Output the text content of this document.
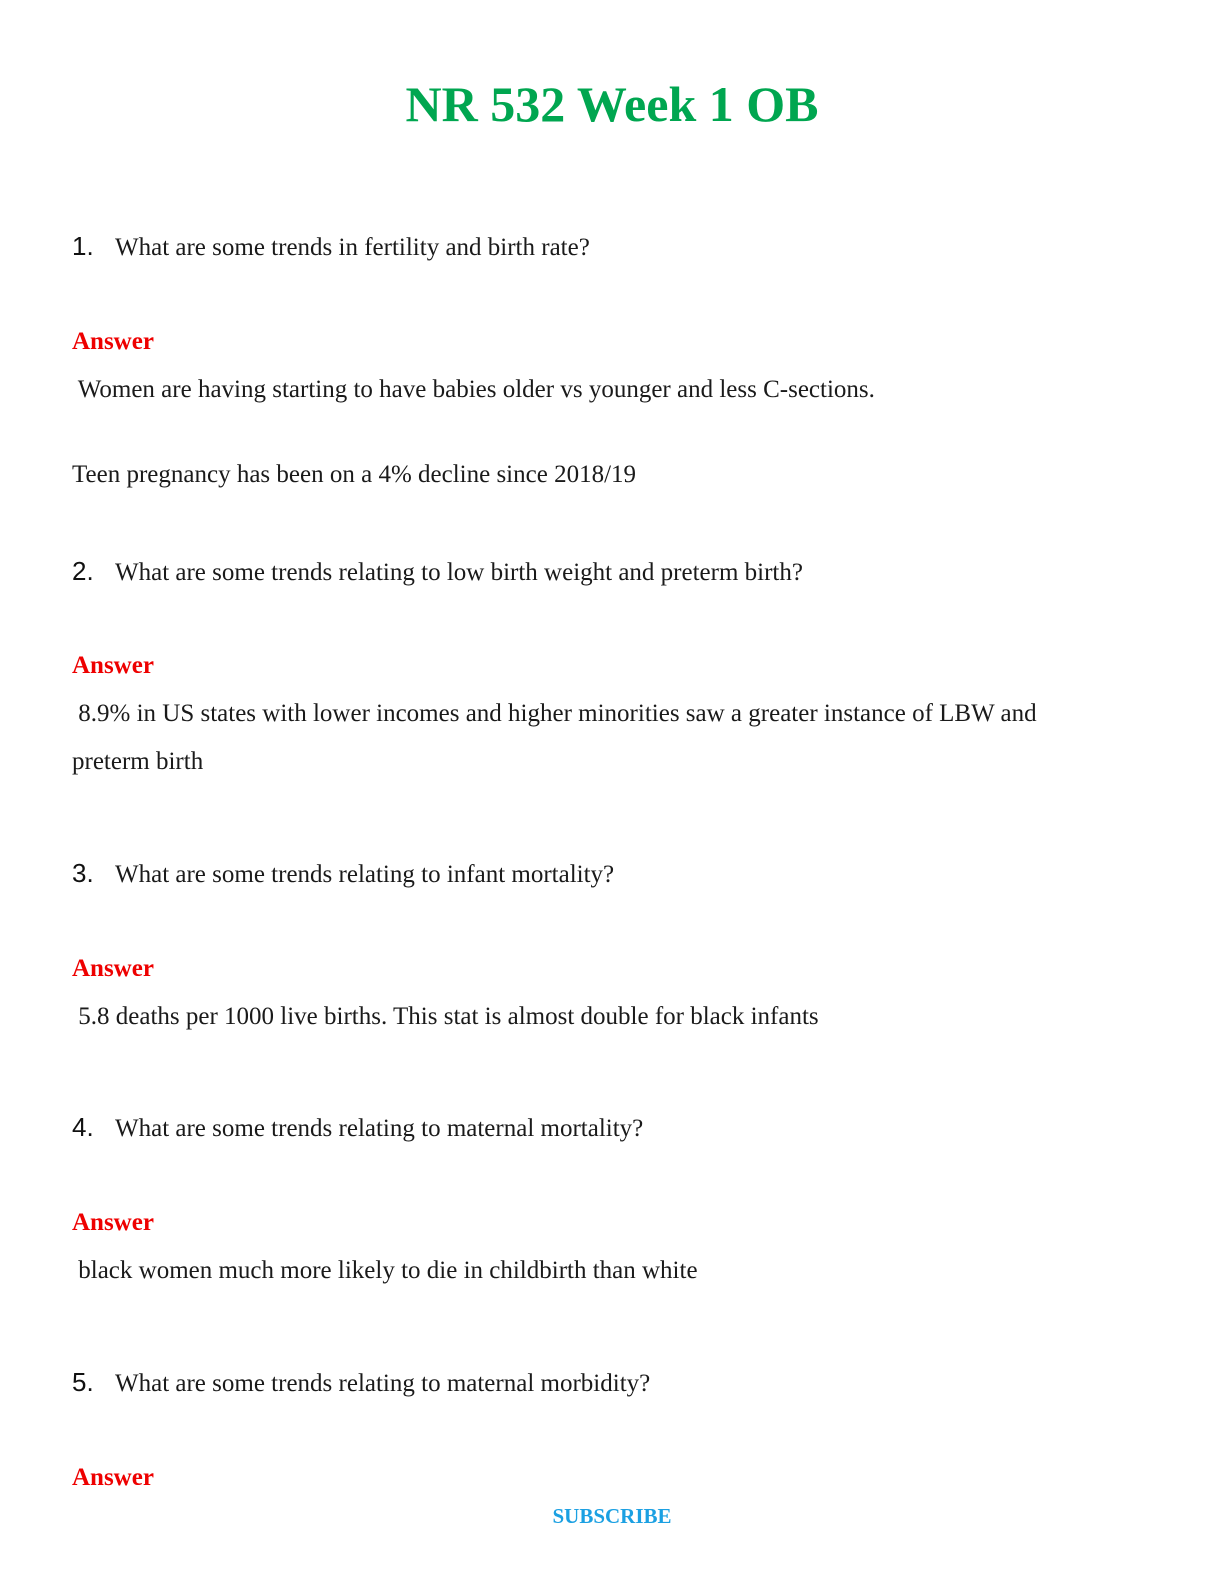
NR 532 Week 1 OB
1. What are some trends in fertility and birth rate?
Answer
Women are having starting to have babies older vs younger and less C-sections.
Teen pregnancy has been on a 4% decline since 2018/19
2. What are some trends relating to low birth weight and preterm birth?
Answer
8.9% in US states with lower incomes and higher minorities saw a greater instance of LBW and preterm birth
3. What are some trends relating to infant mortality?
Answer
5.8 deaths per 1000 live births. This stat is almost double for black infants
4. What are some trends relating to maternal mortality?
Answer
black women much more likely to die in childbirth than white
5. What are some trends relating to maternal morbidity?
Answer
SUBSCRIBE
